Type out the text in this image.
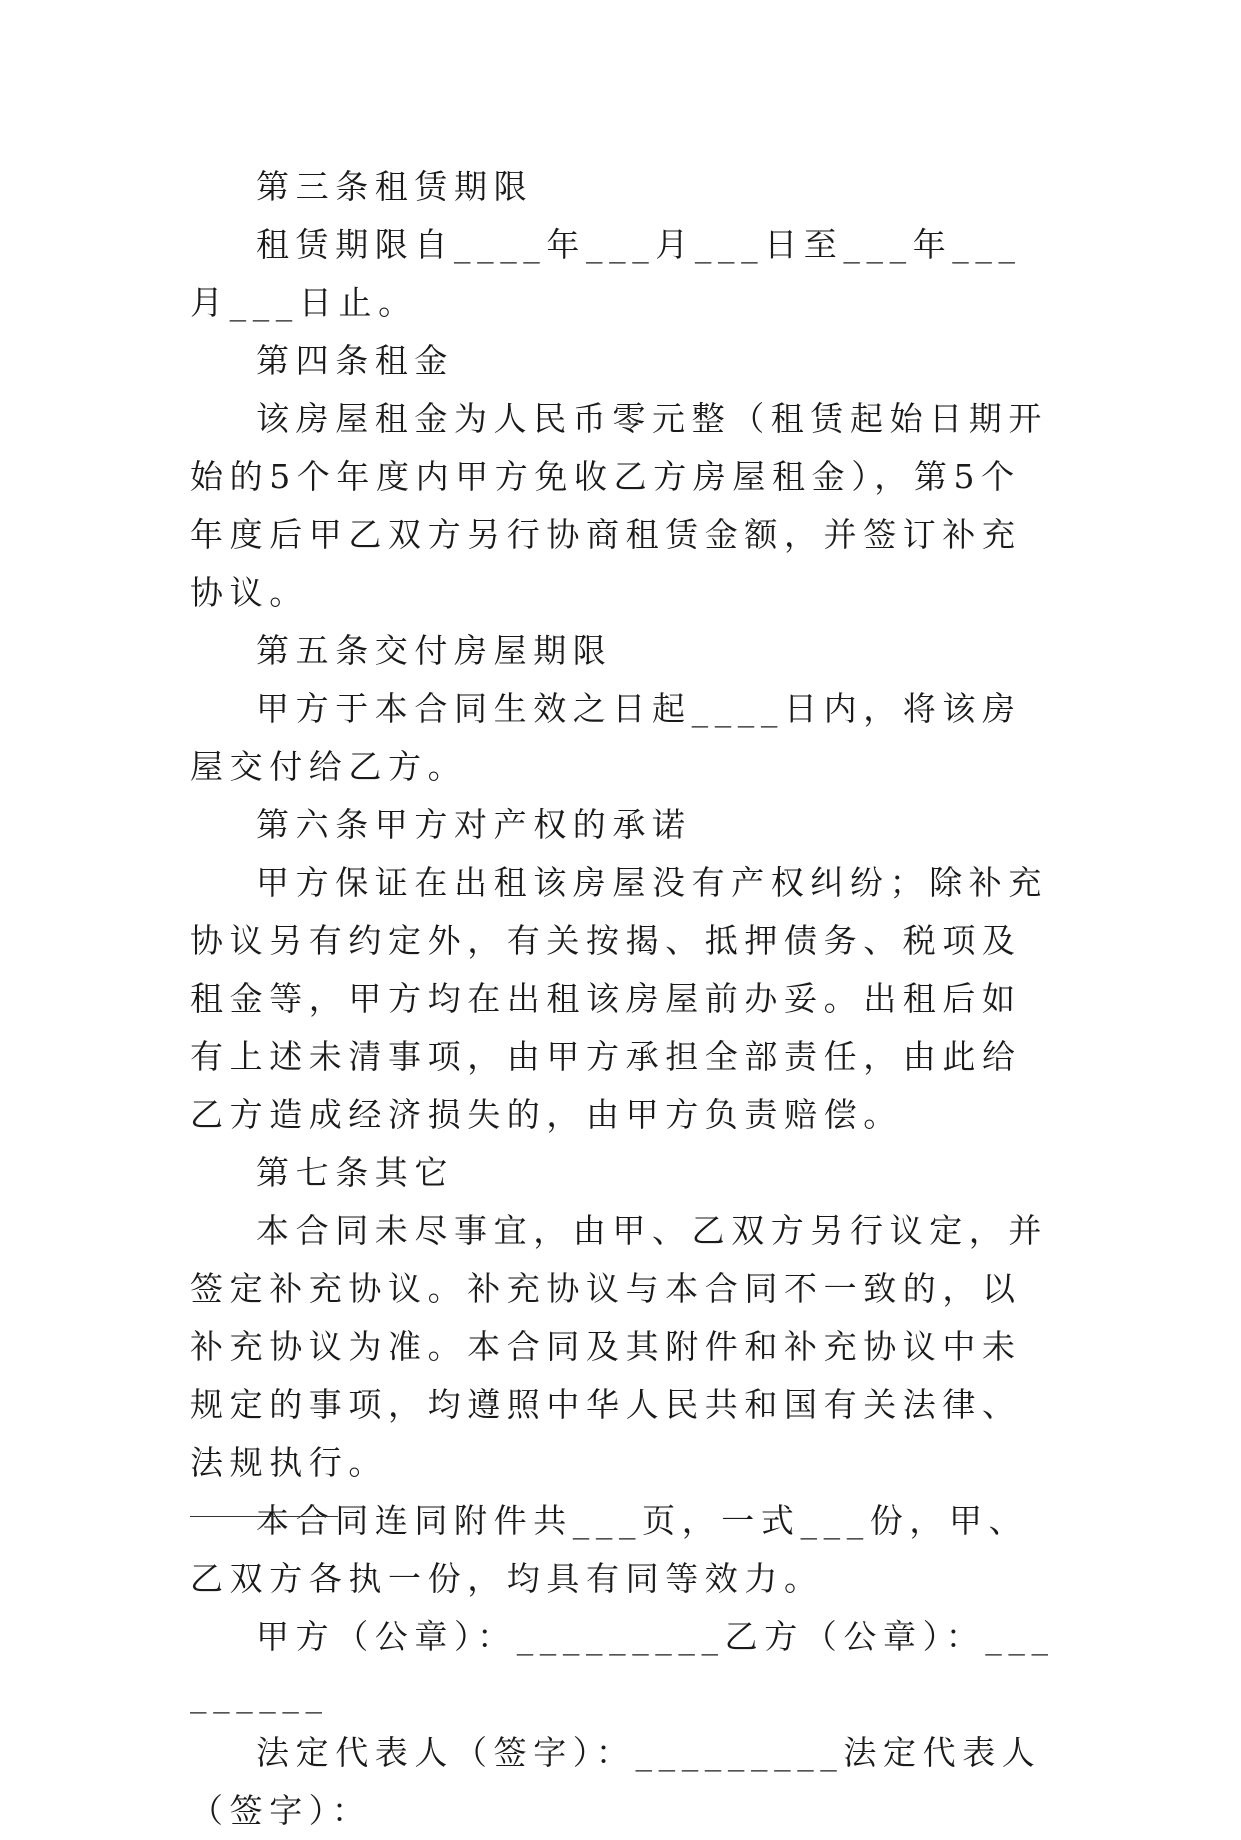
第三条租赁期限

租赁期限自____年___月___日至___年___月___日止。

第四条租金

该房屋租金为人民币零元整（租赁起始日期开始的5个年度内甲方免收乙方房屋租金），第5个年度后甲乙双方另行协商租赁金额，并签订补充协议。

第五条交付房屋期限

甲方于本合同生效之日起____日内，将该房屋交付给乙方。

第六条甲方对产权的承诺

甲方保证在出租该房屋没有产权纠纷；除补充协议另有约定外，有关按揭、抵押债务、税项及租金等，甲方均在出租该房屋前办妥。出租后如有上述未清事项，由甲方承担全部责任，由此给乙方造成经济损失的，由甲方负责赔偿。

第七条其它

本合同未尽事宜，由甲、乙双方另行议定，并签定补充协议。补充协议与本合同不一致的，以补充协议为准。本合同及其附件和补充协议中未规定的事项，均遵照中华人民共和国有关法律、法规执行。

本合同连同附件共___页，一式___份，甲、乙双方各执一份，均具有同等效力。

甲方（公章）：_________乙方（公章）：_________

法定代表人（签字）：_________法定代表人（签字）：
